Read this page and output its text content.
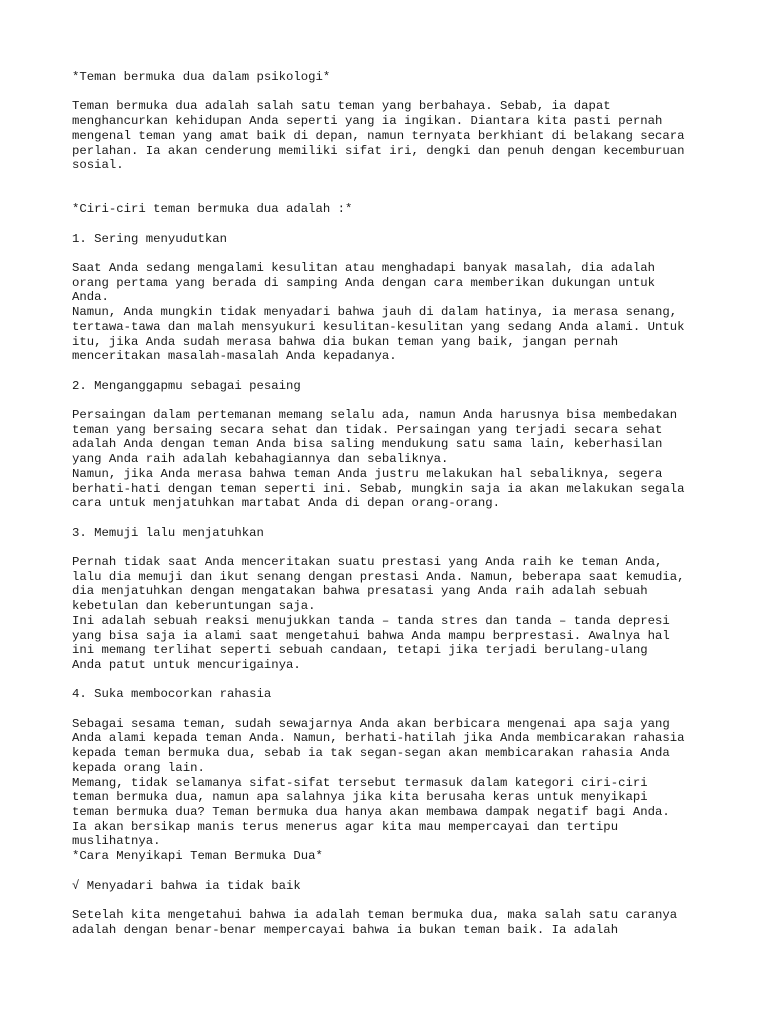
*Teman bermuka dua dalam psikologi*
Teman bermuka dua adalah salah satu teman yang berbahaya. Sebab, ia dapat
menghancurkan kehidupan Anda seperti yang ia ingikan. Diantara kita pasti pernah
mengenal teman yang amat baik di depan, namun ternyata berkhiant di belakang secara
perlahan. Ia akan cenderung memiliki sifat iri, dengki dan penuh dengan kecemburuan
sosial.
*Ciri-ciri teman bermuka dua adalah :*
1. Sering menyudutkan
Saat Anda sedang mengalami kesulitan atau menghadapi banyak masalah, dia adalah
orang pertama yang berada di samping Anda dengan cara memberikan dukungan untuk
Anda.
Namun, Anda mungkin tidak menyadari bahwa jauh di dalam hatinya, ia merasa senang,
tertawa-tawa dan malah mensyukuri kesulitan-kesulitan yang sedang Anda alami. Untuk
itu, jika Anda sudah merasa bahwa dia bukan teman yang baik, jangan pernah
menceritakan masalah-masalah Anda kepadanya.
2. Menganggapmu sebagai pesaing
Persaingan dalam pertemanan memang selalu ada, namun Anda harusnya bisa membedakan
teman yang bersaing secara sehat dan tidak. Persaingan yang terjadi secara sehat
adalah Anda dengan teman Anda bisa saling mendukung satu sama lain, keberhasilan
yang Anda raih adalah kebahagiannya dan sebaliknya.
Namun, jika Anda merasa bahwa teman Anda justru melakukan hal sebaliknya, segera
berhati-hati dengan teman seperti ini. Sebab, mungkin saja ia akan melakukan segala
cara untuk menjatuhkan martabat Anda di depan orang-orang.
3. Memuji lalu menjatuhkan
Pernah tidak saat Anda menceritakan suatu prestasi yang Anda raih ke teman Anda,
lalu dia memuji dan ikut senang dengan prestasi Anda. Namun, beberapa saat kemudia,
dia menjatuhkan dengan mengatakan bahwa presatasi yang Anda raih adalah sebuah
kebetulan dan keberuntungan saja.
Ini adalah sebuah reaksi menujukkan tanda – tanda stres dan tanda – tanda depresi
yang bisa saja ia alami saat mengetahui bahwa Anda mampu berprestasi. Awalnya hal
ini memang terlihat seperti sebuah candaan, tetapi jika terjadi berulang-ulang
Anda patut untuk mencurigainya.
4. Suka membocorkan rahasia
Sebagai sesama teman, sudah sewajarnya Anda akan berbicara mengenai apa saja yang
Anda alami kepada teman Anda. Namun, berhati-hatilah jika Anda membicarakan rahasia
kepada teman bermuka dua, sebab ia tak segan-segan akan membicarakan rahasia Anda
kepada orang lain.
Memang, tidak selamanya sifat-sifat tersebut termasuk dalam kategori ciri-ciri
teman bermuka dua, namun apa salahnya jika kita berusaha keras untuk menyikapi
teman bermuka dua? Teman bermuka dua hanya akan membawa dampak negatif bagi Anda.
Ia akan bersikap manis terus menerus agar kita mau mempercayai dan tertipu
muslihatnya.
*Cara Menyikapi Teman Bermuka Dua*
√ Menyadari bahwa ia tidak baik
Setelah kita mengetahui bahwa ia adalah teman bermuka dua, maka salah satu caranya
adalah dengan benar-benar mempercayai bahwa ia bukan teman baik. Ia adalah
